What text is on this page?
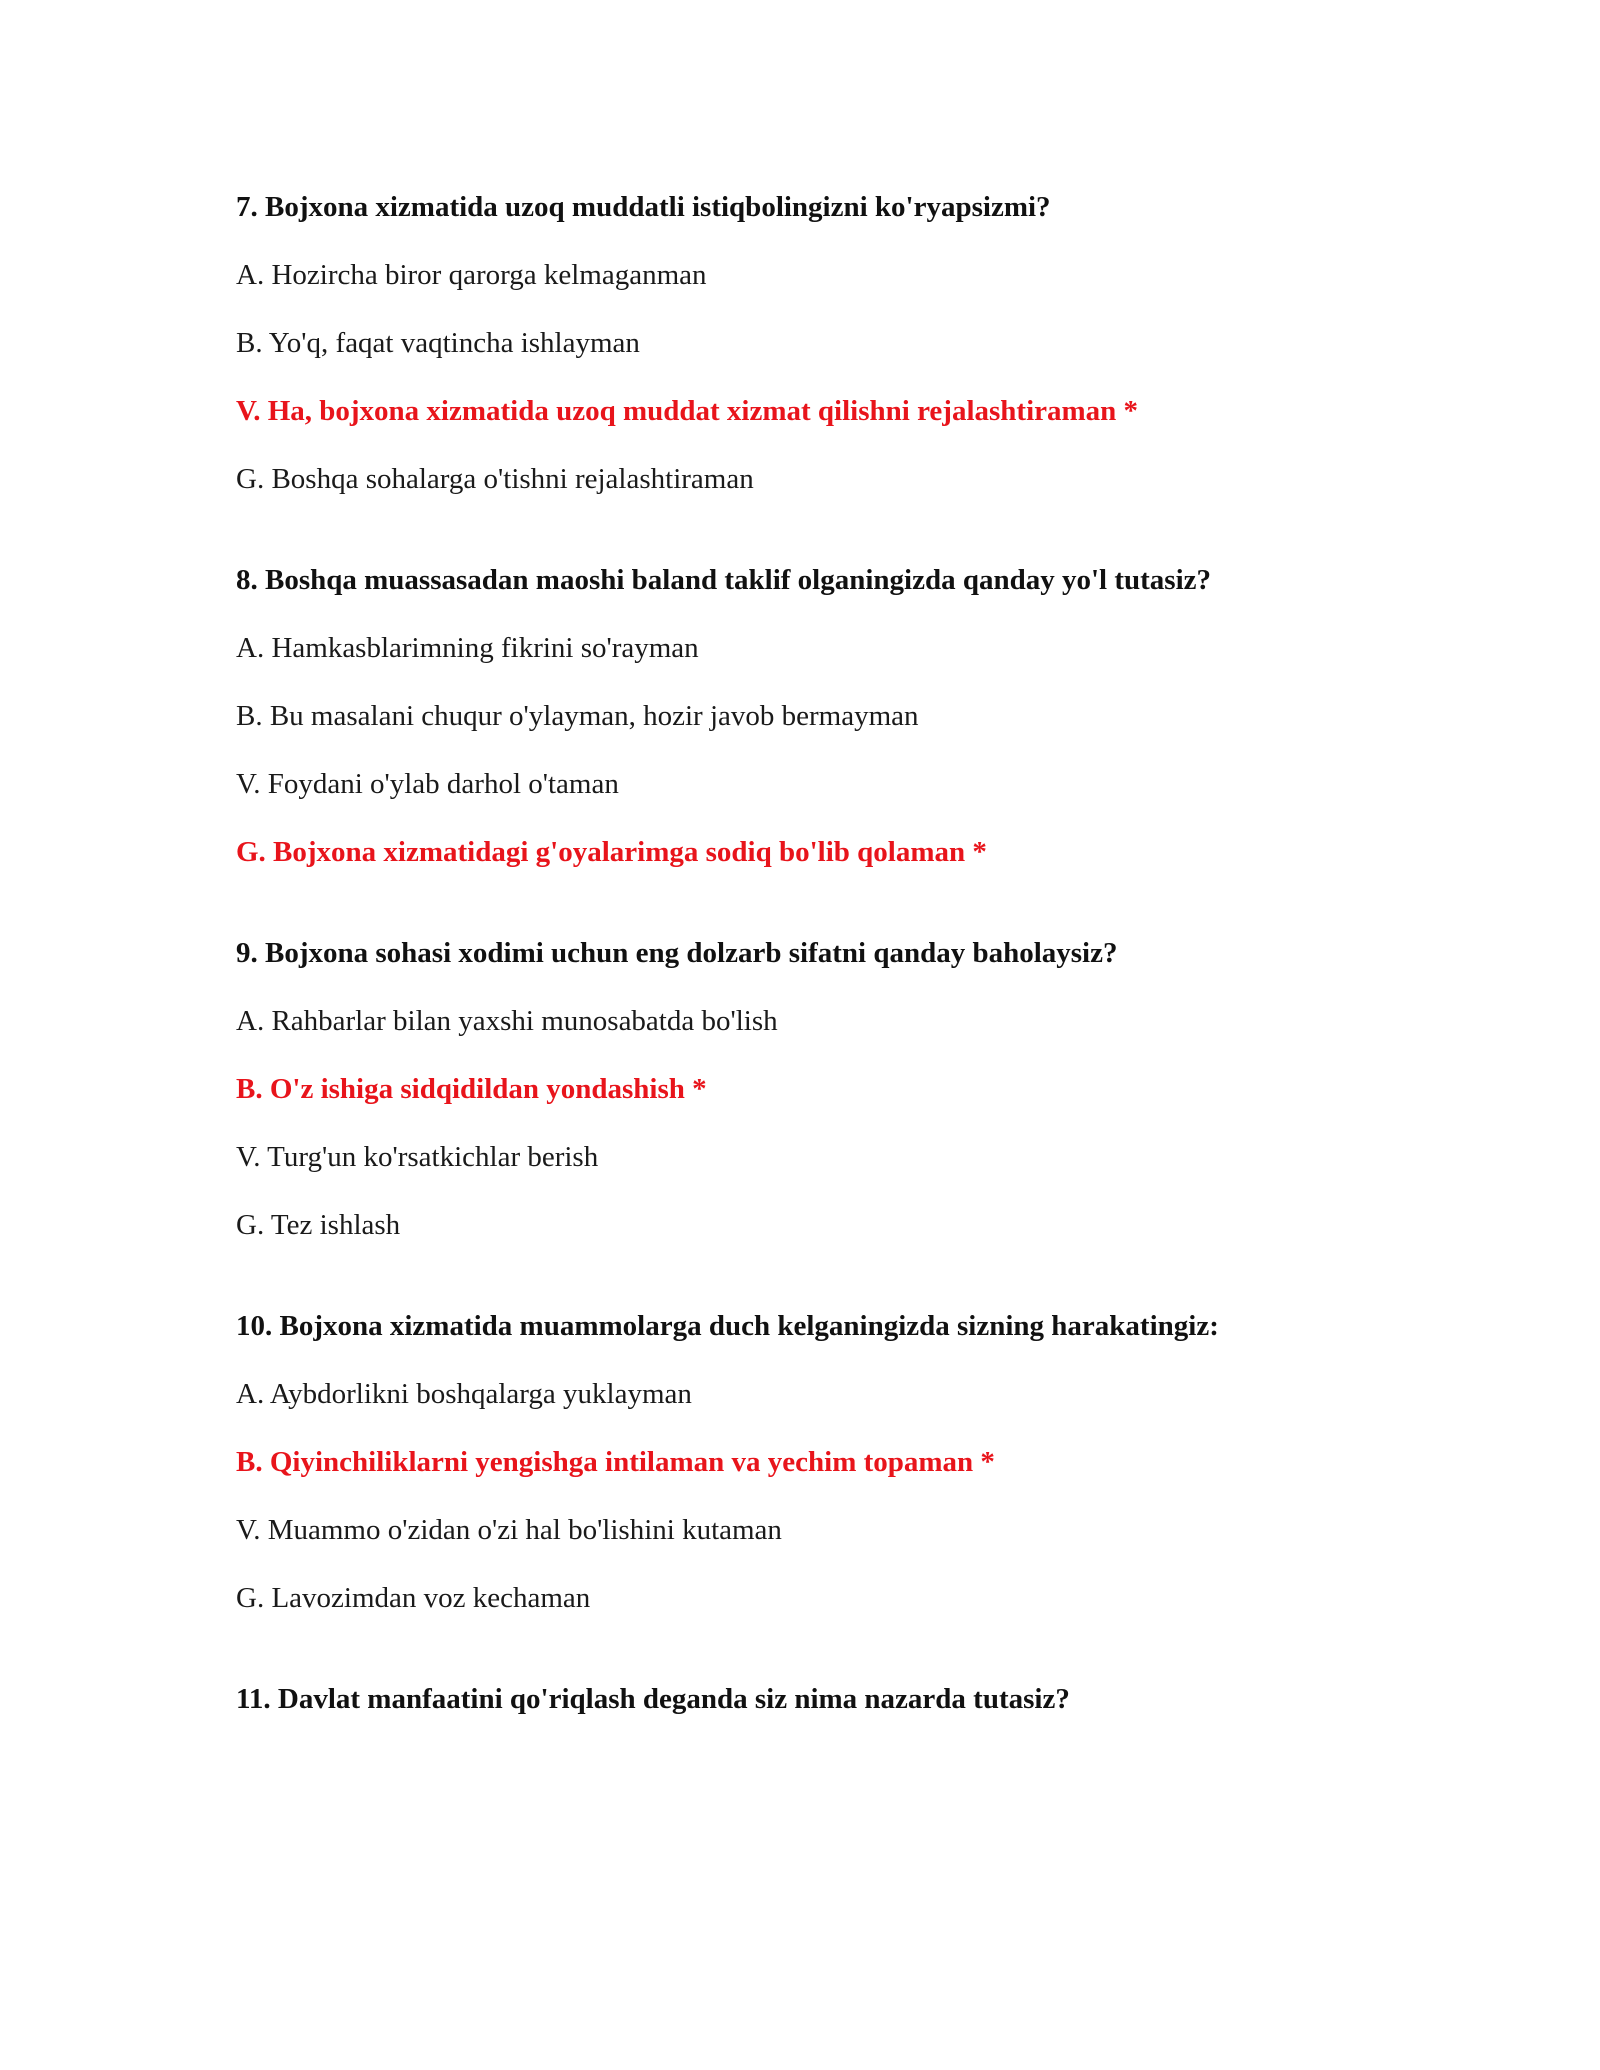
7. Bojxona xizmatida uzoq muddatli istiqbolingizni ko'ryapsizmi?
A. Hozircha biror qarorga kelmaganman
B. Yo'q, faqat vaqtincha ishlayman
V. Ha, bojxona xizmatida uzoq muddat xizmat qilishni rejalashtiraman *
G. Boshqa sohalarga o'tishni rejalashtiraman
8. Boshqa muassasadan maoshi baland taklif olganingizda qanday yo'l tutasiz?
A. Hamkasblarimning fikrini so'rayman
B. Bu masalani chuqur o'ylayman, hozir javob bermayman
V. Foydani o'ylab darhol o'taman
G. Bojxona xizmatidagi g'oyalarimga sodiq bo'lib qolaman *
9. Bojxona sohasi xodimi uchun eng dolzarb sifatni qanday baholaysiz?
A. Rahbarlar bilan yaxshi munosabatda bo'lish
B. O'z ishiga sidqidildan yondashish *
V. Turg'un ko'rsatkichlar berish
G. Tez ishlash
10. Bojxona xizmatida muammolarga duch kelganingizda sizning harakatingiz:
A. Aybdorlikni boshqalarga yuklayman
B. Qiyinchiliklarni yengishga intilaman va yechim topaman *
V. Muammo o'zidan o'zi hal bo'lishini kutaman
G. Lavozimdan voz kechaman
11. Davlat manfaatini qo'riqlash deganda siz nima nazarda tutasiz?
